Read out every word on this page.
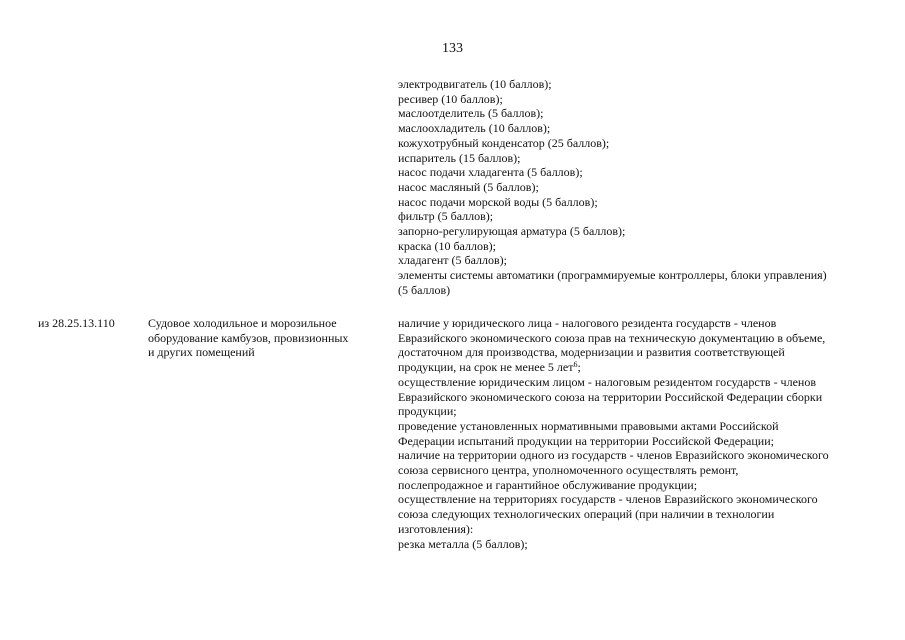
133
электродвигатель (10 баллов);
ресивер (10 баллов);
маслоотделитель (5 баллов);
маслоохладитель (10 баллов);
кожухотрубный конденсатор (25 баллов);
испаритель (15 баллов);
насос подачи хладагента (5 баллов);
насос масляный (5 баллов);
насос подачи морской воды (5 баллов);
фильтр (5 баллов);
запорно-регулирующая арматура (5 баллов);
краска (10 баллов);
хладагент (5 баллов);
элементы системы автоматики (программируемые контроллеры, блоки управления)
(5 баллов)
из 28.25.13.110	Судовое холодильное и морозильное
оборудование камбузов, провизионных
и других помещений
наличие у юридического лица - налогового резидента государств - членов
Евразийского экономического союза прав на техническую документацию в объеме,
достаточном для производства, модернизации и развития соответствующей
продукции, на срок не менее 5 лет$^6$;
осуществление юридическим лицом - налоговым резидентом государств - членов
Евразийского экономического союза на территории Российской Федерации сборки
продукции;
проведение установленных нормативными правовыми актами Российской
Федерации испытаний продукции на территории Российской Федерации;
наличие на территории одного из государств - членов Евразийского экономического
союза сервисного центра, уполномоченного осуществлять ремонт,
послепродажное и гарантийное обслуживание продукции;
осуществление на территориях государств - членов Евразийского экономического
союза следующих технологических операций (при наличии в технологии
изготовления):
резка металла (5 баллов);
